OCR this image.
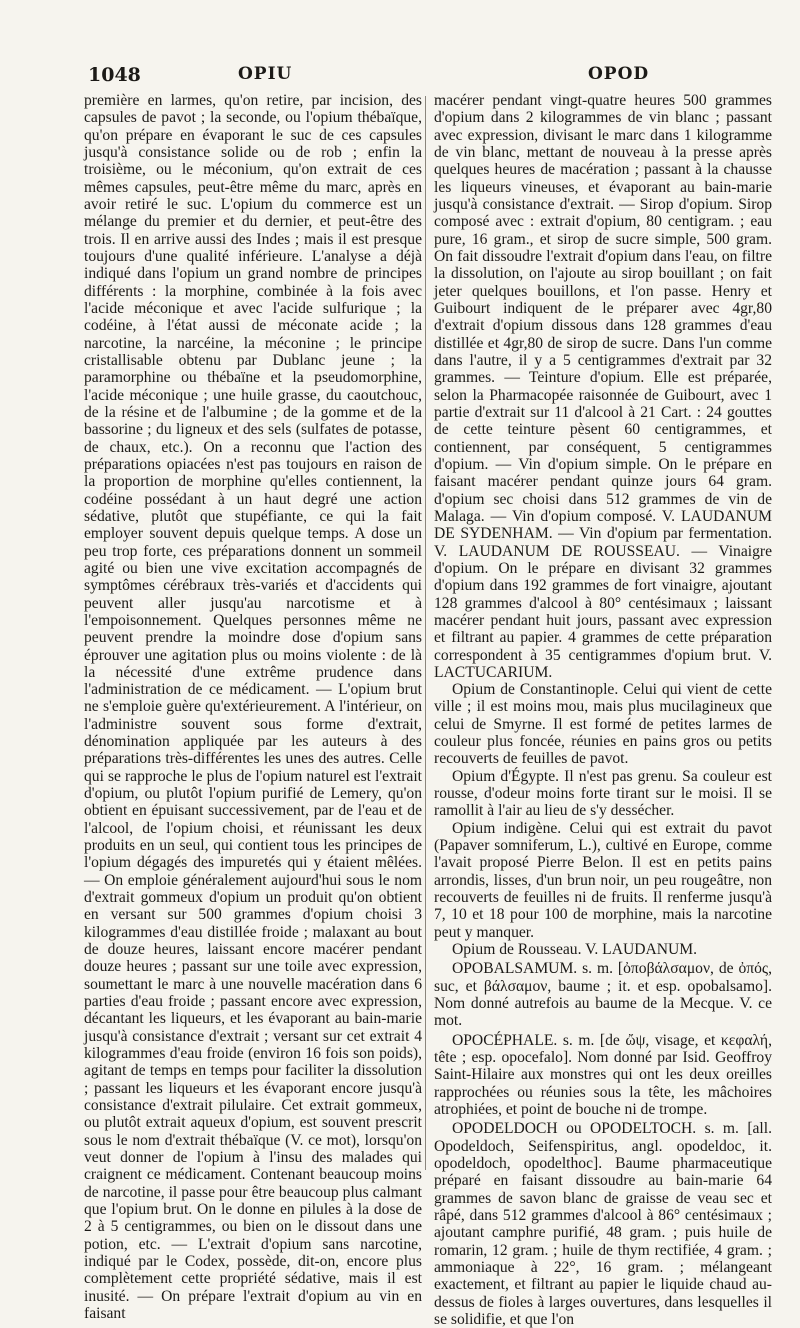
1048	OPIU	OPOD

première en larmes, qu'on retire, par incision, des capsules de pavot ; la seconde, ou l'opium thébaïque, qu'on prépare en évaporant le suc de ces capsules jusqu'à consistance solide ou de rob ; enfin la troisième, ou le méconium, qu'on extrait de ces mêmes capsules, peut-être même du marc, après en avoir retiré le suc. L'opium du commerce est un mélange du premier et du dernier, et peut-être des trois. Il en arrive aussi des Indes ; mais il est presque toujours d'une qualité inférieure. L'analyse a déjà indiqué dans l'opium un grand nombre de principes différents : la morphine, combinée à la fois avec l'acide méconique et avec l'acide sulfurique ; la codéine, à l'état aussi de méconate acide ; la narcotine, la narcéine, la méconine ; le principe cristallisable obtenu par Dublanc jeune ; la paramorphine ou thébaïne et la pseudomorphine, l'acide méconique ; une huile grasse, du caoutchouc, de la résine et de l'albumine ; de la gomme et de la bassorine ; du ligneux et des sels (sulfates de potasse, de chaux, etc.). On a reconnu que l'action des préparations opiacées n'est pas toujours en raison de la proportion de morphine qu'elles contiennent, la codéine possédant à un haut degré une action sédative, plutôt que stupéfiante, ce qui la fait employer souvent depuis quelque temps. A dose un peu trop forte, ces préparations donnent un sommeil agité ou bien une vive excitation accompagnés de symptômes cérébraux très-variés et d'accidents qui peuvent aller jusqu'au narcotisme et à l'empoisonnement. Quelques personnes même ne peuvent prendre la moindre dose d'opium sans éprouver une agitation plus ou moins violente : de là la nécessité d'une extrême prudence dans l'administration de ce médicament. — L'opium brut ne s'emploie guère qu'extérieurement. A l'intérieur, on l'administre souvent sous forme d'extrait, dénomination appliquée par les auteurs à des préparations très-différentes les unes des autres. Celle qui se rapproche le plus de l'opium naturel est l'extrait d'opium, ou plutôt l'opium purifié de Lemery, qu'on obtient en épuisant successivement, par de l'eau et de l'alcool, de l'opium choisi, et réunissant les deux produits en un seul, qui contient tous les principes de l'opium dégagés des impuretés qui y étaient mêlées. — On emploie généralement aujourd'hui sous le nom d'extrait gommeux d'opium un produit qu'on obtient en versant sur 500 grammes d'opium choisi 3 kilogrammes d'eau distillée froide ; malaxant au bout de douze heures, laissant encore macérer pendant douze heures ; passant sur une toile avec expression, soumettant le marc à une nouvelle macération dans 6 parties d'eau froide ; passant encore avec expression, décantant les liqueurs, et les évaporant au bain-marie jusqu'à consistance d'extrait ; versant sur cet extrait 4 kilogrammes d'eau froide (environ 16 fois son poids), agitant de temps en temps pour faciliter la dissolution ; passant les liqueurs et les évaporant encore jusqu'à consistance d'extrait pilulaire. Cet extrait gommeux, ou plutôt extrait aqueux d'opium, est souvent prescrit sous le nom d'extrait thébaïque (V. ce mot), lorsqu'on veut donner de l'opium à l'insu des malades qui craignent ce médicament. Contenant beaucoup moins de narcotine, il passe pour être beaucoup plus calmant que l'opium brut. On le donne en pilules à la dose de 2 à 5 centigrammes, ou bien on le dissout dans une potion, etc. — L'extrait d'opium sans narcotine, indiqué par le Codex, possède, dit-on, encore plus complètement cette propriété sédative, mais il est inusité. — On prépare l'extrait d'opium au vin en faisant

macérer pendant vingt-quatre heures 500 grammes d'opium dans 2 kilogrammes de vin blanc ; passant avec expression, divisant le marc dans 1 kilogramme de vin blanc, mettant de nouveau à la presse après quelques heures de macération ; passant à la chausse les liqueurs vineuses, et évaporant au bain-marie jusqu'à consistance d'extrait. — Sirop d'opium. Sirop composé avec : extrait d'opium, 80 centigram. ; eau pure, 16 gram., et sirop de sucre simple, 500 gram. On fait dissoudre l'extrait d'opium dans l'eau, on filtre la dissolution, on l'ajoute au sirop bouillant ; on fait jeter quelques bouillons, et l'on passe. Henry et Guibourt indiquent de le préparer avec 4gr,80 d'extrait d'opium dissous dans 128 grammes d'eau distillée et 4gr,80 de sirop de sucre. Dans l'un comme dans l'autre, il y a 5 centigrammes d'extrait par 32 grammes. — Teinture d'opium. Elle est préparée, selon la Pharmacopée raisonnée de Guibourt, avec 1 partie d'extrait sur 11 d'alcool à 21 Cart. : 24 gouttes de cette teinture pèsent 60 centigrammes, et contiennent, par conséquent, 5 centigrammes d'opium. — Vin d'opium simple. On le prépare en faisant macérer pendant quinze jours 64 gram. d'opium sec choisi dans 512 grammes de vin de Malaga. — Vin d'opium composé. V. LAUDANUM DE SYDENHAM. — Vin d'opium par fermentation. V. LAUDANUM DE ROUSSEAU. — Vinaigre d'opium. On le prépare en divisant 32 grammes d'opium dans 192 grammes de fort vinaigre, ajoutant 128 grammes d'alcool à 80° centésimaux ; laissant macérer pendant huit jours, passant avec expression et filtrant au papier. 4 grammes de cette préparation correspondent à 35 centigrammes d'opium brut. V. LACTUCARIUM.

Opium de Constantinople. Celui qui vient de cette ville ; il est moins mou, mais plus mucilagineux que celui de Smyrne. Il est formé de petites larmes de couleur plus foncée, réunies en pains gros ou petits recouverts de feuilles de pavot.

Opium d'Égypte. Il n'est pas grenu. Sa couleur est rousse, d'odeur moins forte tirant sur le moisi. Il se ramollit à l'air au lieu de s'y dessécher.

Opium indigène. Celui qui est extrait du pavot (Papaver somniferum, L.), cultivé en Europe, comme l'avait proposé Pierre Belon. Il est en petits pains arrondis, lisses, d'un brun noir, un peu rougeâtre, non recouverts de feuilles ni de fruits. Il renferme jusqu'à 7, 10 et 18 pour 100 de morphine, mais la narcotine peut y manquer.

Opium de Rousseau. V. LAUDANUM.

OPOBALSAMUM. s. m. [ὀποβάλσαμον, de ὀπός, suc, et βάλσαμον, baume ; it. et esp. opobalsamo]. Nom donné autrefois au baume de la Mecque. V. ce mot.

OPOCÉPHALE. s. m. [de ὤψ, visage, et κεφαλή, tête ; esp. opocefalo]. Nom donné par Isid. Geoffroy Saint-Hilaire aux monstres qui ont les deux oreilles rapprochées ou réunies sous la tête, les mâchoires atrophiées, et point de bouche ni de trompe.

OPODELDOCH ou OPODELTOCH. s. m. [all. Opodeldoch, Seifenspiritus, angl. opodeldoc, it. opodeldoch, opodelthoc]. Baume pharmaceutique préparé en faisant dissoudre au bain-marie 64 grammes de savon blanc de graisse de veau sec et râpé, dans 512 grammes d'alcool à 86° centésimaux ; ajoutant camphre purifié, 48 gram. ; puis huile de romarin, 12 gram. ; huile de thym rectifiée, 4 gram. ; ammoniaque à 22°, 16 gram. ; mélangeant exactement, et filtrant au papier le liquide chaud au-dessus de fioles à larges ouvertures, dans lesquelles il se solidifie, et que l'on
